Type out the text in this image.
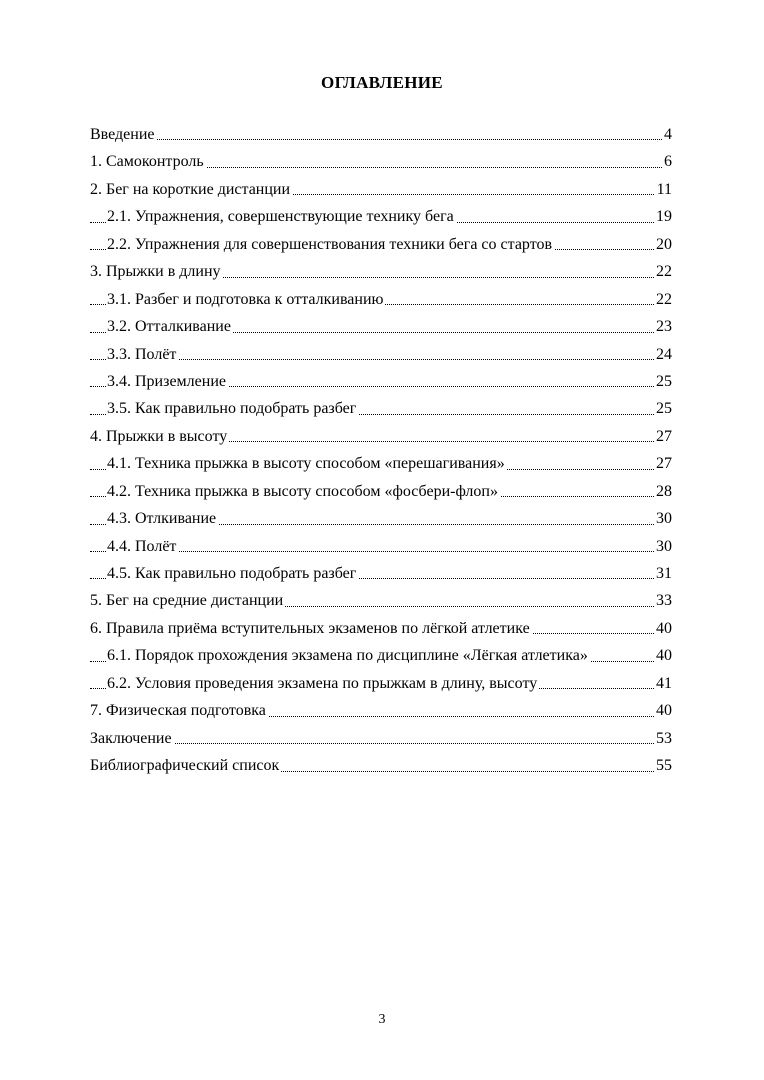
ОГЛАВЛЕНИЕ
Введение	4
1. Самоконтроль	6
2. Бег на короткие дистанции	11
2.1. Упражнения, совершенствующие технику бега	19
2.2. Упражнения для совершенствования техники бега со стартов	20
3. Прыжки в длину	22
3.1. Разбег и подготовка к отталкиванию	22
3.2. Отталкивание	23
3.3. Полёт	24
3.4. Приземление	25
3.5. Как правильно подобрать разбег	25
4. Прыжки в высоту	27
4.1. Техника прыжка в высоту способом «перешагивания»	27
4.2. Техника прыжка в высоту способом «фосбери-флоп»	28
4.3. Отлкивание	30
4.4. Полёт	30
4.5. Как правильно подобрать разбег	31
5. Бег на средние дистанции	33
6. Правила приёма вступительных экзаменов по лёгкой атлетике	40
6.1. Порядок прохождения экзамена по дисциплине «Лёгкая атлетика»	40
6.2. Условия проведения экзамена по прыжкам в длину, высоту	41
7. Физическая подготовка	40
Заключение	53
Библиографический список	55
3
